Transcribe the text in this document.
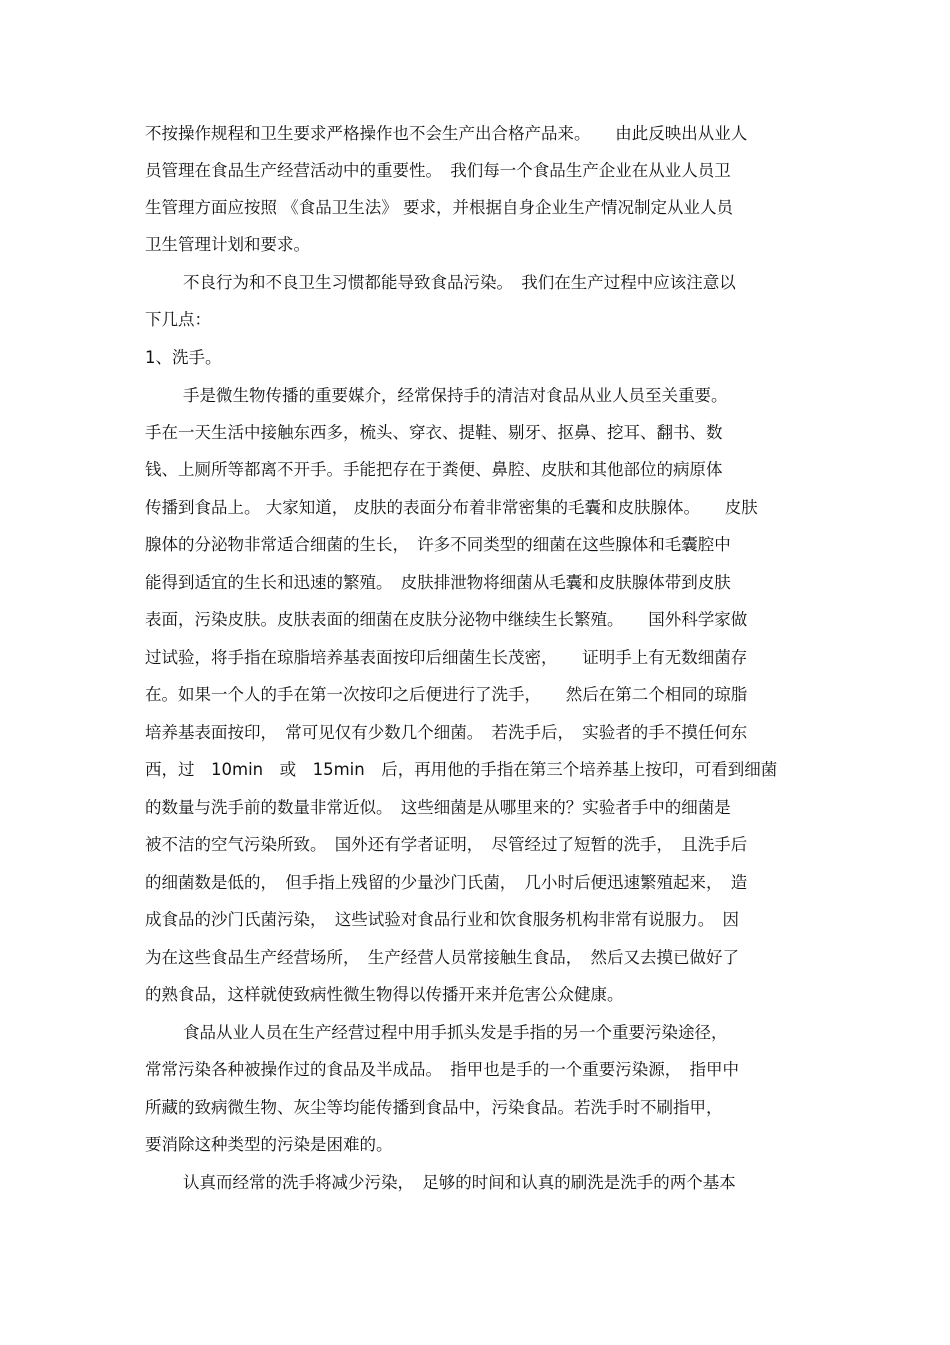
不按操作规程和卫生要求严格操作也不会生产出合格产品来。　　由此反映出从业人

员管理在食品生产经营活动中的重要性。　我们每一个食品生产企业在从业人员卫

生管理方面应按照 《食品卫生法》 要求，并根据自身企业生产情况制定从业人员

卫生管理计划和要求。

不良行为和不良卫生习惯都能导致食品污染。　我们在生产过程中应该注意以

下几点：

1、洗手。

手是微生物传播的重要媒介，经常保持手的清洁对食品从业人员至关重要。

手在一天生活中接触东西多，梳头、穿衣、提鞋、剔牙、抠鼻、挖耳、翻书、数

钱、上厕所等都离不开手。手能把存在于粪便、鼻腔、皮肤和其他部位的病原体

传播到食品上。 大家知道， 皮肤的表面分布着非常密集的毛囊和皮肤腺体。　　皮肤

腺体的分泌物非常适合细菌的生长，　许多不同类型的细菌在这些腺体和毛囊腔中

能得到适宜的生长和迅速的繁殖。　皮肤排泄物将细菌从毛囊和皮肤腺体带到皮肤

表面，污染皮肤。皮肤表面的细菌在皮肤分泌物中继续生长繁殖。　　国外科学家做

过试验，将手指在琼脂培养基表面按印后细菌生长茂密，　　证明手上有无数细菌存

在。如果一个人的手在第一次按印之后便进行了洗手，　　然后在第二个相同的琼脂

培养基表面按印，　常可见仅有少数几个细菌。　若洗手后，　实验者的手不摸任何东

西，过　10min　或　15min　后，再用他的手指在第三个培养基上按印，可看到细菌

的数量与洗手前的数量非常近似。　这些细菌是从哪里来的？实验者手中的细菌是

被不洁的空气污染所致。　国外还有学者证明，　尽管经过了短暂的洗手，　且洗手后

的细菌数是低的，　但手指上残留的少量沙门氏菌，　几小时后便迅速繁殖起来，　造

成食品的沙门氏菌污染，　这些试验对食品行业和饮食服务机构非常有说服力。　因

为在这些食品生产经营场所，　生产经营人员常接触生食品，　然后又去摸已做好了

的熟食品，这样就使致病性微生物得以传播开来并危害公众健康。

食品从业人员在生产经营过程中用手抓头发是手指的另一个重要污染途径，

常常污染各种被操作过的食品及半成品。　指甲也是手的一个重要污染源，　指甲中

所藏的致病微生物、灰尘等均能传播到食品中，污染食品。若洗手时不刷指甲，

要消除这种类型的污染是困难的。

认真而经常的洗手将减少污染，　足够的时间和认真的刷洗是洗手的两个基本
